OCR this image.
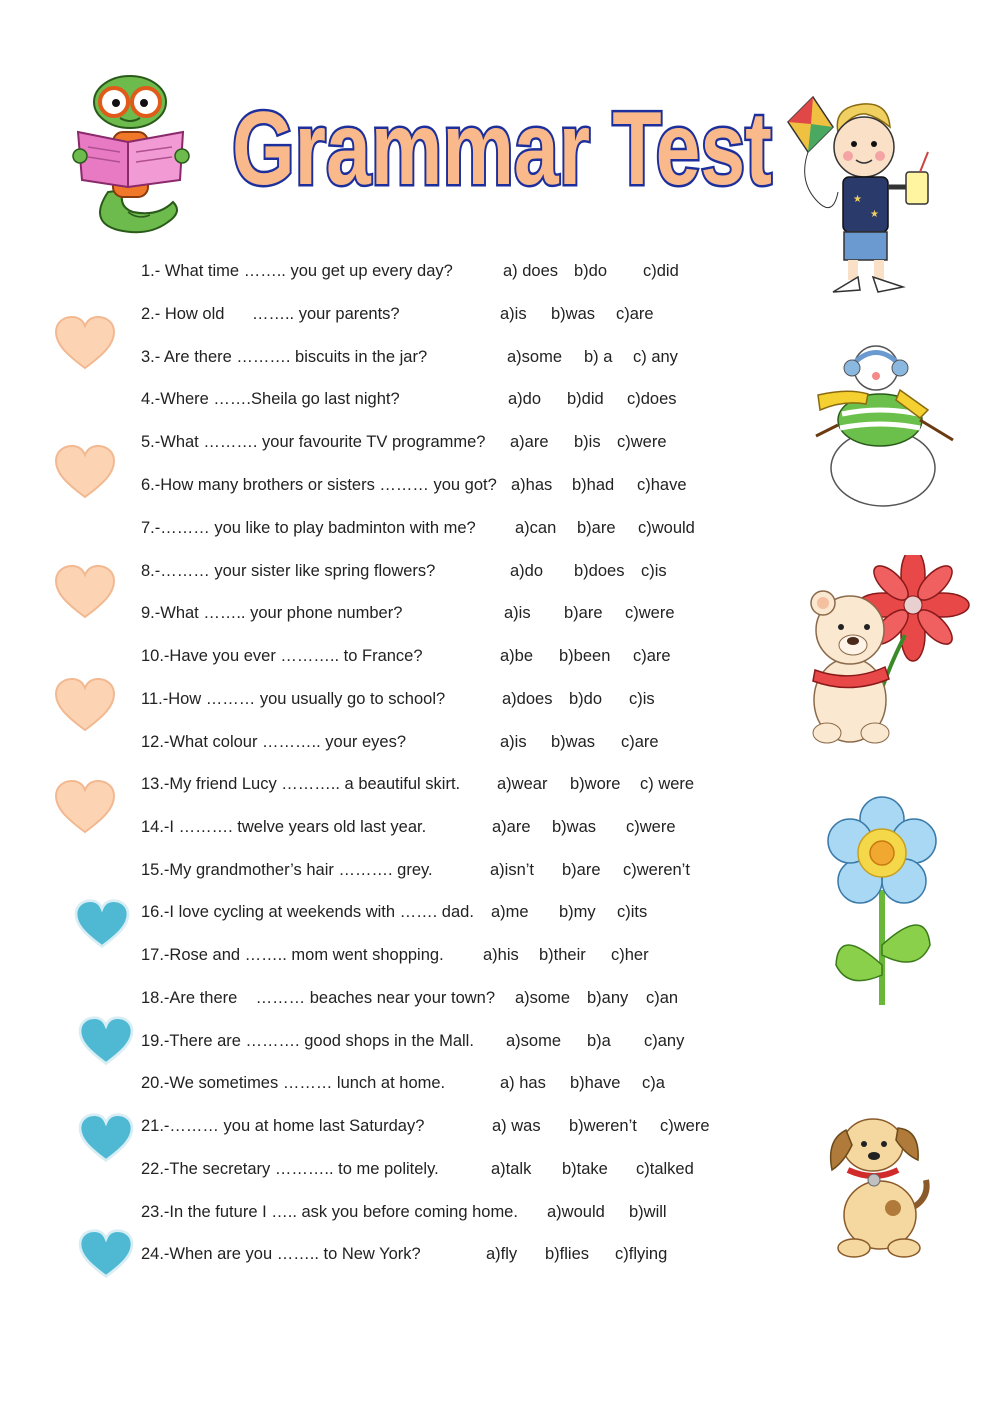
Grammar Test	★
★
1.- What time …….. you get up every day?	a) does b)do c)did
2.- How old      …….. your parents?	a)is b)was c)are
3.- Are there ………. biscuits in the jar?	a)some b) a c) any
4.-Where …….Sheila go last night?	a)do b)did c)does
5.-What ………. your favourite TV programme? a)are b)is c)were
6.-How many brothers or sisters ……… you got? a)has b)had c)have
7.-……… you like to play badminton with me? a)can b)are c)would
8.-……… your sister like spring flowers?	a)do b)does c)is
9.-What …….. your phone number?	a)is b)are c)were
10.-Have you ever ……….. to France?	a)be b)been c)are
11.-How ……… you usually go to school?	a)does b)do c)is
12.-What colour ……….. your eyes?	a)is b)was c)are
13.-My friend Lucy ……….. a beautiful skirt. a)wear b)wore c) were
14.-I ………. twelve years old last year.	a)are b)was c)were
15.-My grandmother’s hair ………. grey.	a)isn’t b)are c)weren’t
16.-I love cycling at weekends with ……. dad. a)me b)my c)its
17.-Rose and …….. mom went shopping. a)his b)their c)her
18.-Are there    ……… beaches near your town? a)some b)any c)an
19.-There are ………. good shops in the Mall. a)some b)a c)any
20.-We sometimes ……… lunch at home.	a) has b)have c)a
21.-……… you at home last Saturday?	a) was b)weren’t c)were
22.-The secretary ……….. to me politely.	a)talk b)take c)talked
23.-In the future I ….. ask you before coming home. a)would b)will
24.-When are you …….. to New York?	a)fly b)flies c)flying
